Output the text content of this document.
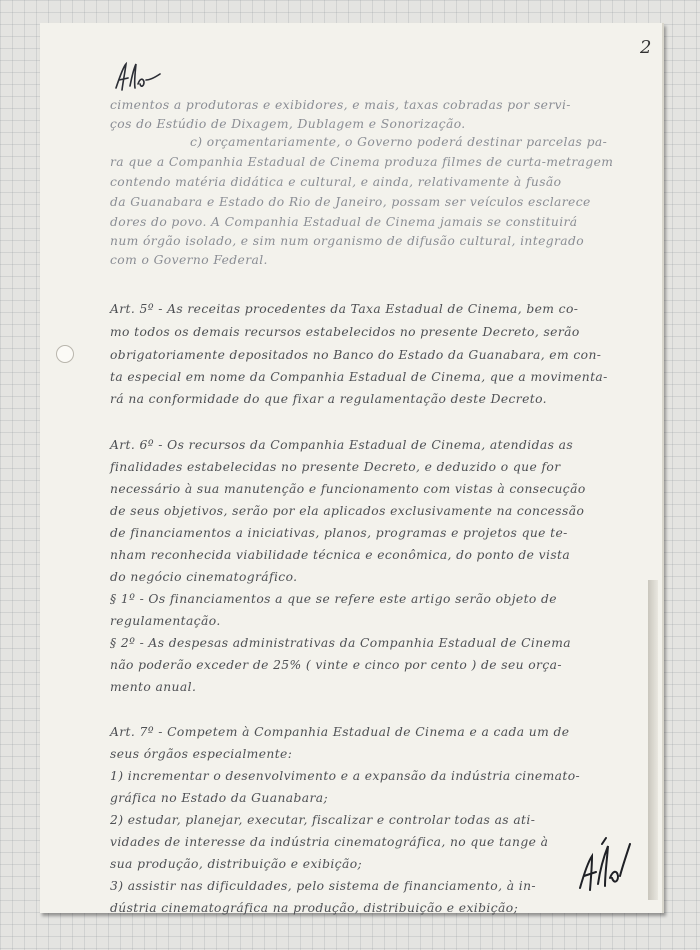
2

cimentos a produtoras e exibidores, e mais, taxas cobradas por servi-

ços do Estúdio de Dixagem, Dublagem e Sonorização.

c) orçamentariamente, o Governo poderá destinar parcelas pa-

ra que a Companhia Estadual de Cinema produza filmes de curta-metragem

contendo matéria didática e cultural, e ainda, relativamente à fusão

da Guanabara e Estado do Rio de Janeiro, possam ser veículos esclarece

dores do povo. A Companhia Estadual de Cinema jamais se constituirá

num órgão isolado, e sim num organismo de difusão cultural, integrado

com o Governo Federal.

Art. 5º - As receitas procedentes da Taxa Estadual de Cinema, bem co-

mo todos os demais recursos estabelecidos no presente Decreto, serão

obrigatoriamente depositados no Banco do Estado da Guanabara, em con-

ta especial em nome da Companhia Estadual de Cinema, que a movimenta-

rá na conformidade do que fixar a regulamentação deste Decreto.

Art. 6º - Os recursos da Companhia Estadual de Cinema, atendidas as

finalidades estabelecidas no presente Decreto, e deduzido o que for

necessário à sua manutenção e funcionamento com vistas à consecução

de seus objetivos, serão por ela aplicados exclusivamente na concessão

de financiamentos a iniciativas, planos, programas e projetos que te-

nham reconhecida viabilidade técnica e econômica, do ponto de vista

do negócio cinematográfico.

§ 1º - Os financiamentos a que se refere este artigo serão objeto de

regulamentação.

§ 2º - As despesas administrativas da Companhia Estadual de Cinema

não poderão exceder de 25% ( vinte e cinco por cento ) de seu orça-

mento anual.

Art. 7º - Competem à Companhia Estadual de Cinema e a cada um de

seus órgãos especialmente:

1) incrementar o desenvolvimento e a expansão da indústria cinemato-

gráfica no Estado da Guanabara;

2) estudar, planejar, executar, fiscalizar e controlar todas as ati-

vidades de interesse da indústria cinematográfica, no que tange à

sua produção, distribuição e exibição;

3) assistir nas dificuldades, pelo sistema de financiamento, à in-

dústria cinematográfica na produção, distribuição e exibição;
